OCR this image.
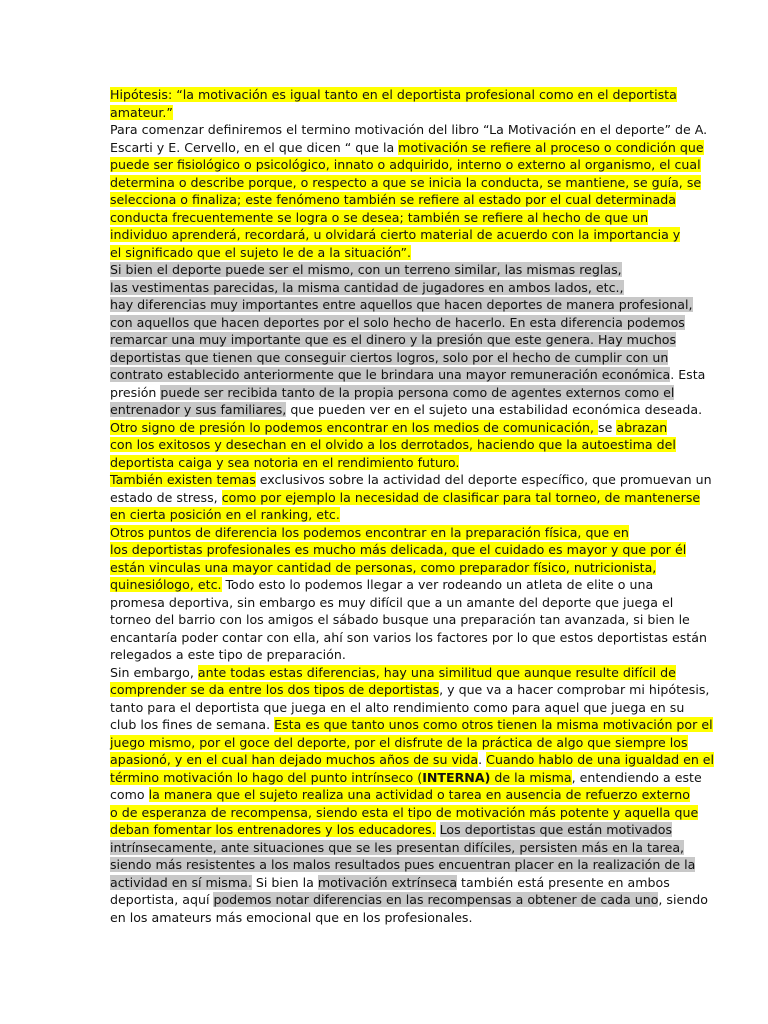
Hipótesis: “la motivación es igual tanto en el deportista profesional como en el deportista
amateur.”
Para comenzar definiremos el termino motivación del libro “La Motivación en el deporte” de A.
Escarti y E. Cervello, en el que dicen “ que la motivación se refiere al proceso o condición que
puede ser fisiológico o psicológico, innato o adquirido, interno o externo al organismo, el cual
determina o describe porque, o respecto a que se inicia la conducta, se mantiene, se guía, se
selecciona o finaliza; este fenómeno también se refiere al estado por el cual determinada
conducta frecuentemente se logra o se desea; también se refiere al hecho de que un
individuo aprenderá, recordará, u olvidará cierto material de acuerdo con la importancia y
el significado que el sujeto le de a la situación”.
Si bien el deporte puede ser el mismo, con un terreno similar, las mismas reglas,
las vestimentas parecidas, la misma cantidad de jugadores en ambos lados, etc.,
hay diferencias muy importantes entre aquellos que hacen deportes de manera profesional,
con aquellos que hacen deportes por el solo hecho de hacerlo. En esta diferencia podemos
remarcar una muy importante que es el dinero y la presión que este genera. Hay muchos
deportistas que tienen que conseguir ciertos logros, solo por el hecho de cumplir con un
contrato establecido anteriormente que le brindara una mayor remuneración económica. Esta
presión puede ser recibida tanto de la propia persona como de agentes externos como el
entrenador y sus familiares, que pueden ver en el sujeto una estabilidad económica deseada.
Otro signo de presión lo podemos encontrar en los medios de comunicación, se abrazan
con los exitosos y desechan en el olvido a los derrotados, haciendo que la autoestima del
deportista caiga y sea notoria en el rendimiento futuro.
También existen temas exclusivos sobre la actividad del deporte específico, que promuevan un
estado de stress, como por ejemplo la necesidad de clasificar para tal torneo, de mantenerse
en cierta posición en el ranking, etc.
Otros puntos de diferencia los podemos encontrar en la preparación física, que en
los deportistas profesionales es mucho más delicada, que el cuidado es mayor y que por él
están vinculas una mayor cantidad de personas, como preparador físico, nutricionista,
quinesiólogo, etc. Todo esto lo podemos llegar a ver rodeando un atleta de elite o una
promesa deportiva, sin embargo es muy difícil que a un amante del deporte que juega el
torneo del barrio con los amigos el sábado busque una preparación tan avanzada, si bien le
encantaría poder contar con ella, ahí son varios los factores por lo que estos deportistas están
relegados a este tipo de preparación.
Sin embargo, ante todas estas diferencias, hay una similitud que aunque resulte difícil de
comprender se da entre los dos tipos de deportistas, y que va a hacer comprobar mi hipótesis,
tanto para el deportista que juega en el alto rendimiento como para aquel que juega en su
club los fines de semana. Esta es que tanto unos como otros tienen la misma motivación por el
juego mismo, por el goce del deporte, por el disfrute de la práctica de algo que siempre los
apasionó, y en el cual han dejado muchos años de su vida. Cuando hablo de una igualdad en el
término motivación lo hago del punto intrínseco (INTERNA) de la misma, entendiendo a este
como la manera que el sujeto realiza una actividad o tarea en ausencia de refuerzo externo
o de esperanza de recompensa, siendo esta el tipo de motivación más potente y aquella que
deban fomentar los entrenadores y los educadores. Los deportistas que están motivados
intrínsecamente, ante situaciones que se les presentan difíciles, persisten más en la tarea,
siendo más resistentes a los malos resultados pues encuentran placer en la realización de la
actividad en sí misma. Si bien la motivación extrínseca también está presente en ambos
deportista, aquí podemos notar diferencias en las recompensas a obtener de cada uno, siendo
en los amateurs más emocional que en los profesionales.
